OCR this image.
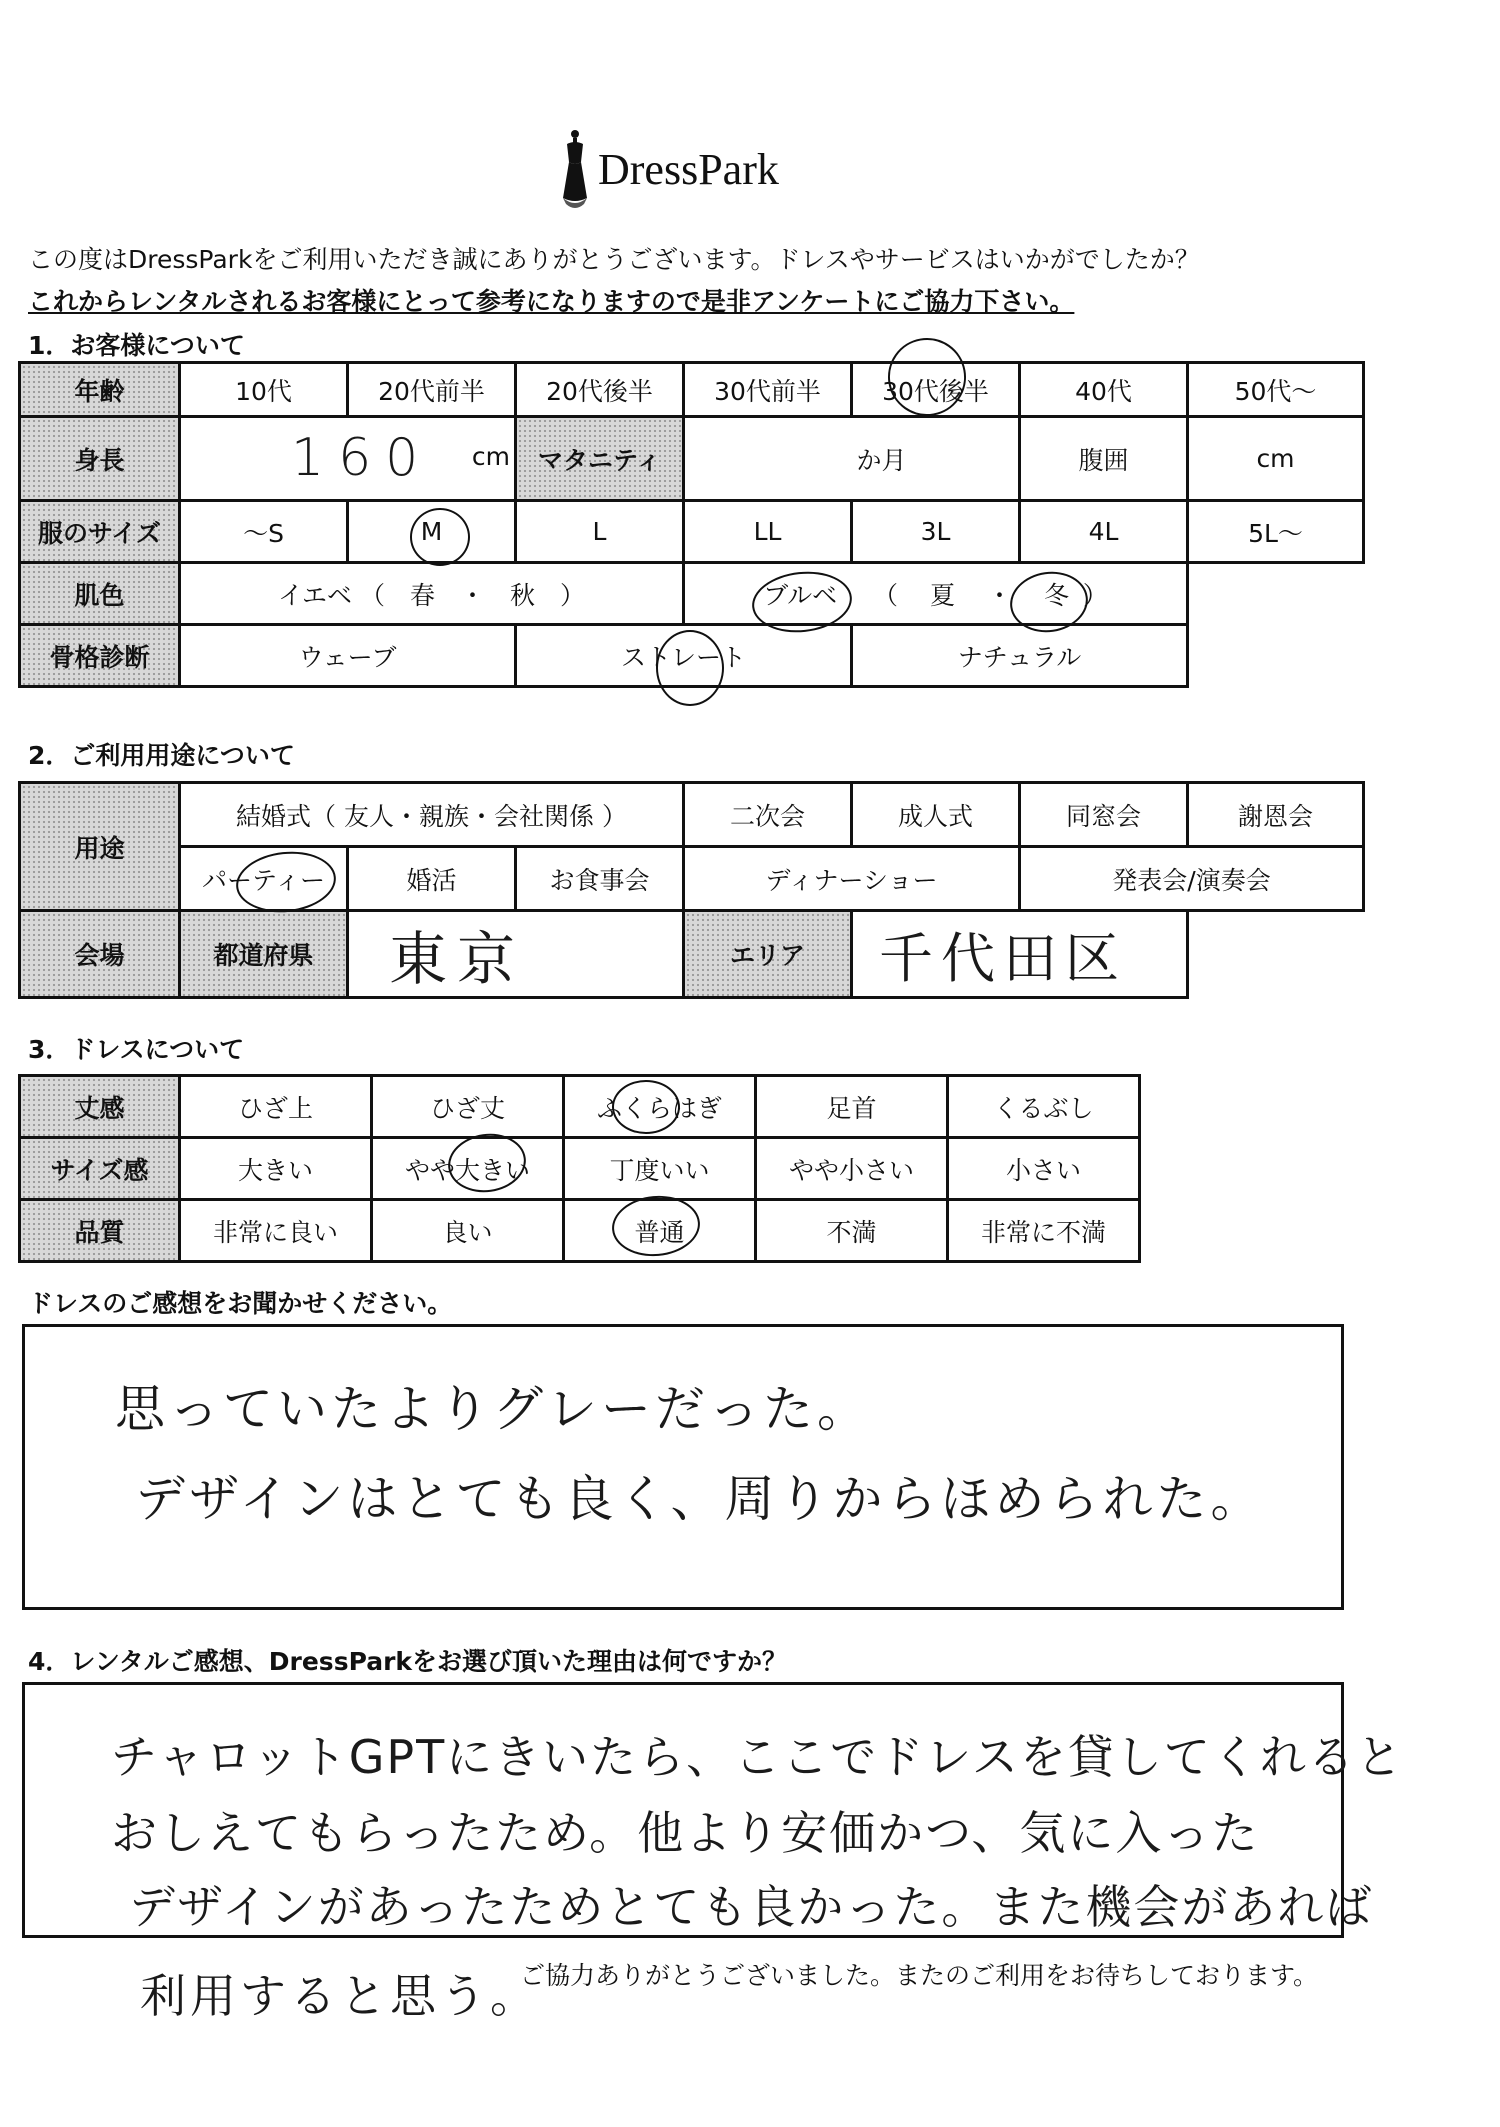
DressPark
この度はDressParkをご利用いただき誠にありがとうございます。ドレスやサービスはいかがでしたか？
これからレンタルされるお客様にとって参考になりますので是非アンケートにご協力下さい。
1．お客様について
年齢	10代	20代前半	20代後半	30代前半	30代後半	40代	50代〜
身長	160 cm		マタニティ	か月		腹囲	cm
服のサイズ	〜S	M	L	LL	3L	4L	5L〜
肌色	イエベ （　春　・　秋　）			ブルベ （ 夏 ・ 冬 ）			
骨格診断	ウェーブ		ストレート		ナチュラル		
2．ご利用用途について
用途	結婚式（ 友人・親族・会社関係 ）			二次会	成人式	同窓会	謝恩会
	パーティー	婚活	お食事会	ディナーショー		発表会/演奏会	
会場	都道府県	東京		エリア	千代田区		
3．ドレスについて
丈感	ひざ上	ひざ丈	ふくらはぎ	足首	くるぶし
サイズ感	大きい	やや大きい	丁度いい	やや小さい	小さい
品質	非常に良い	良い	普通	不満	非常に不満
ドレスのご感想をお聞かせください。
思っていたよりグレーだった。
デザインはとても良く、周りからほめられた。
4．レンタルご感想、DressParkをお選び頂いた理由は何ですか？
チャロットGPTにきいたら、ここでドレスを貸してくれると
おしえてもらったため。他より安価かつ、気に入った
デザインがあったためとても良かった。また機会があれば
利用すると思う。
ご協力ありがとうございました。またのご利用をお待ちしております。
